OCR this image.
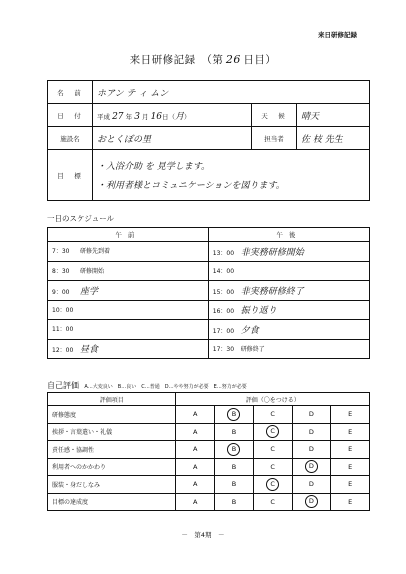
来日研修記録
来日研修記録　（第 26 日目）
名　前	ホアン テ ィ ムン		
日　付	平成 27 年 3 月 16日（月）	天　候	晴天
施設名	おとくぼの里	担当者	佐 枝 先生
目　標	・入浴介助 を 見学します。
・利用者様とコミュニケーションを図ります。		
一日のスケジュール
午前	午後
7：30 研修先到着	13：00 非実務研修開始
8：30 研修開始	14：00
9：00 座学	15：00 非実務研修終了
10：00	16：00 振り返り
11：00	17：00 夕食
12：00 昼食	17：30 研修終了
自己評価 A…大変良い　B…良い　C…普通　D…やや努力が必要　E…努力が必要
評価項目	評価（〇をつける）				
研修態度	A	B	C	D	E
挨拶・言葉遣い・礼儀	A	B	C	D	E
責任感・協調性	A	B	C	D	E
利用者へのかかわり	A	B	C	D	E
服装・身だしなみ	A	B	C	D	E
目標の達成度	A	B	C	D	E
－　第4期　－
